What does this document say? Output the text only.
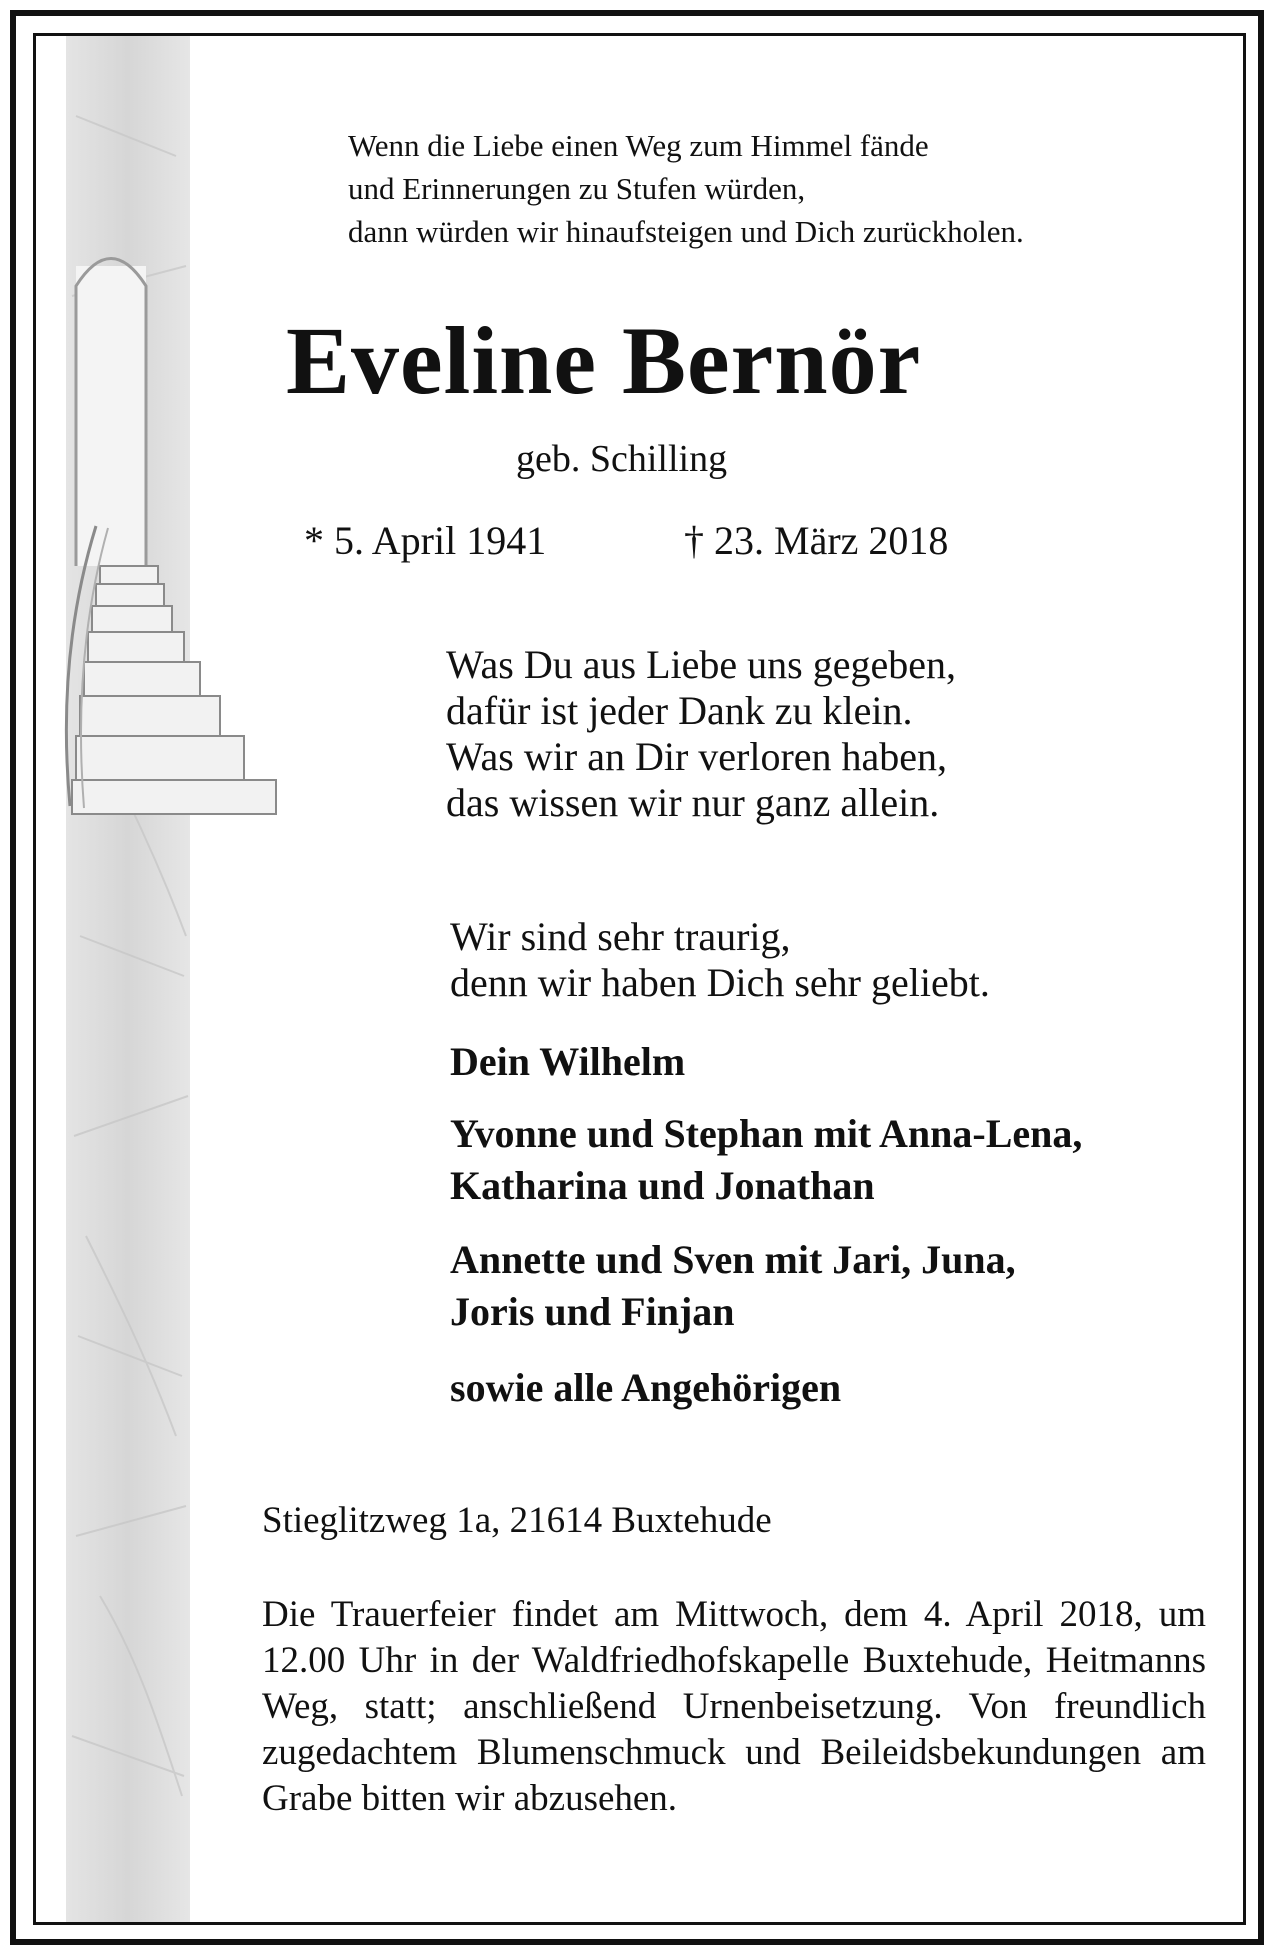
Wenn die Liebe einen Weg zum Himmel fände
und Erinnerungen zu Stufen würden,
dann würden wir hinaufsteigen und Dich zurückholen.
Eveline Bernör
geb. Schilling
* 5. April 1941	† 23. März 2018
Was Du aus Liebe uns gegeben,
dafür ist jeder Dank zu klein.
Was wir an Dir verloren haben,
das wissen wir nur ganz allein.
Wir sind sehr traurig,
denn wir haben Dich sehr geliebt.
Dein Wilhelm
Yvonne und Stephan mit Anna-Lena,
Katharina und Jonathan
Annette und Sven mit Jari, Juna,
Joris und Finjan
sowie alle Angehörigen
Stieglitzweg 1a, 21614 Buxtehude
Die Trauerfeier findet am Mittwoch, dem 4. April 2018, um 12.00 Uhr in der Waldfriedhofskapelle Buxtehude, Heitmanns Weg, statt; anschließend Urnenbeisetzung. Von freundlich zugedachtem Blumenschmuck und Beileidsbekundungen am Grabe bitten wir abzusehen.
